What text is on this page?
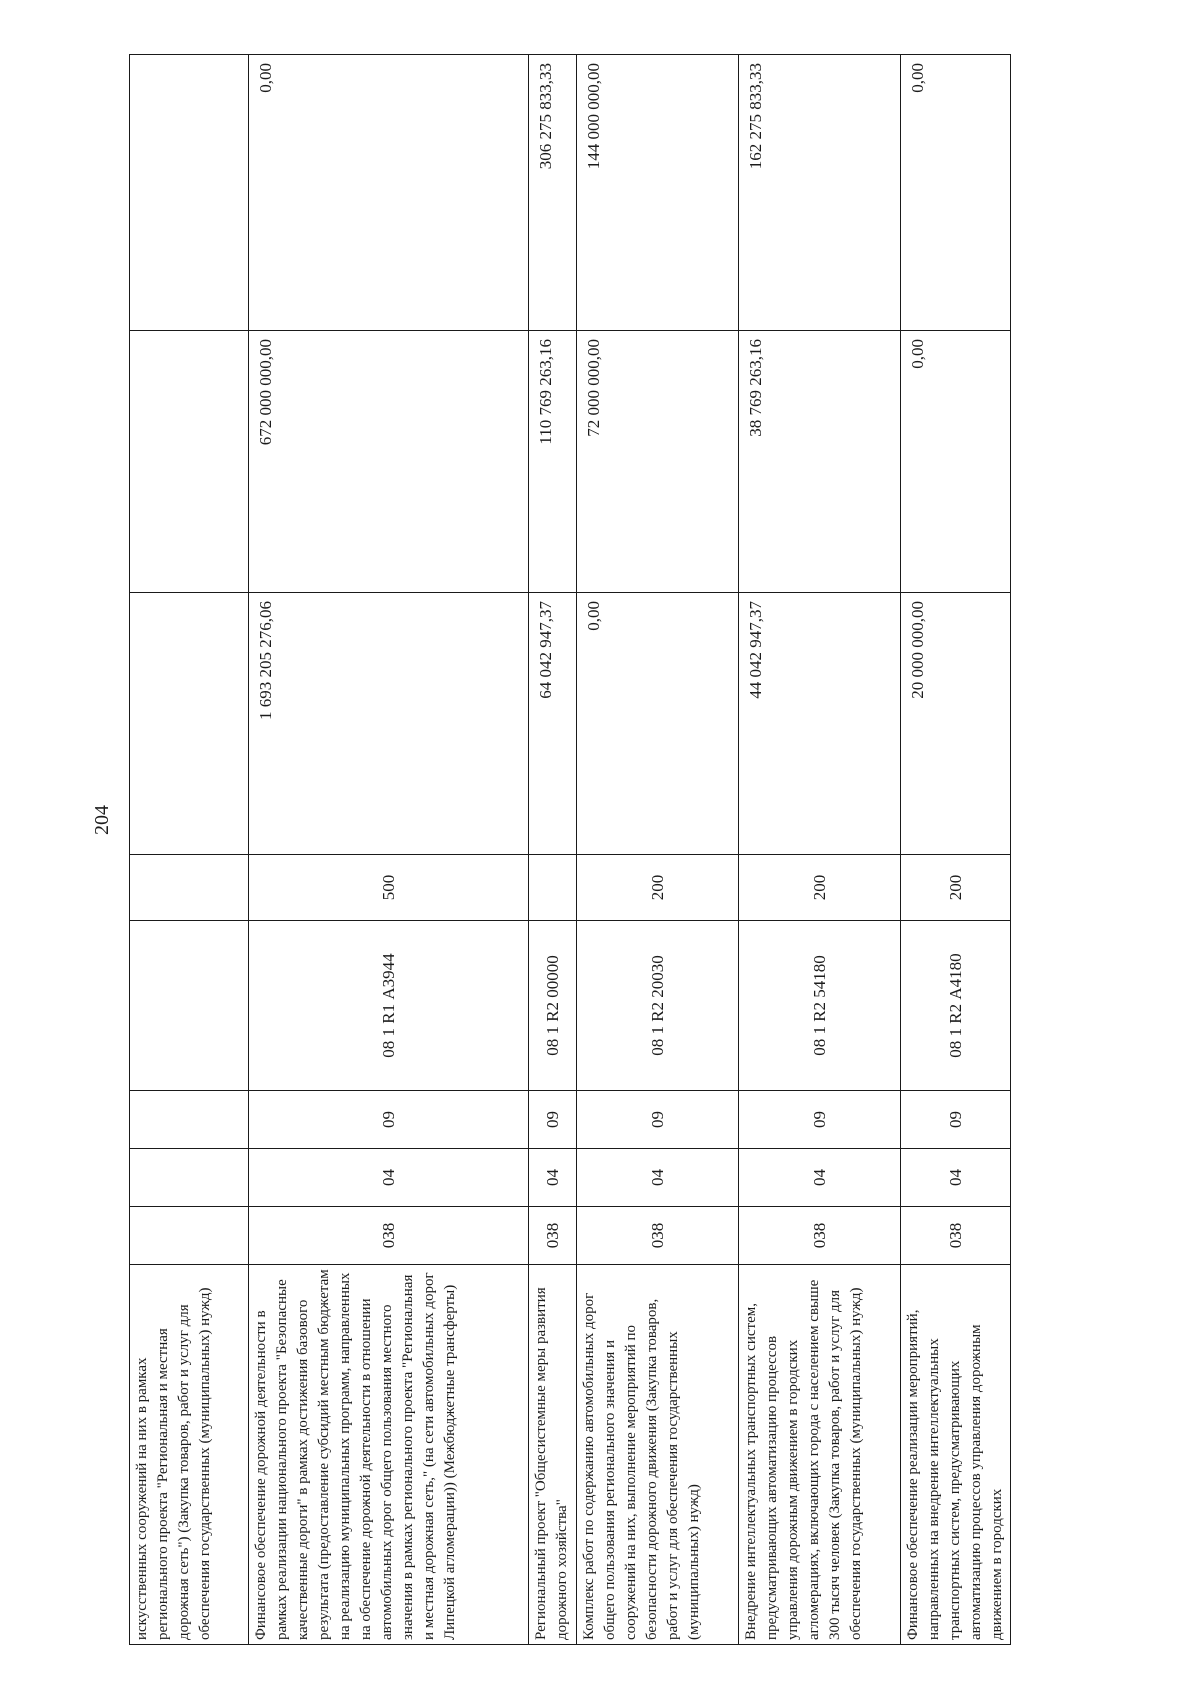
204
искусственных сооружений на них в рамках регионального проекта "Региональная и местная дорожная сеть") (Закупка товаров, работ и услуг для обеспечения государственных (муниципальных) нужд)								
Финансовое обеспечение дорожной деятельности в рамках реализации национального проекта "Безопасные качественные дороги" в рамках достижения базового результата (предоставление субсидий местным бюджетам на реализацию муниципальных программ, направленных на обеспечение дорожной деятельности в отношении автомобильных дорог общего пользования местного значения в рамках регионального проекта "Региональная и местная дорожная сеть," (на сети автомобильных дорог Липецкой агломерации)) (Межбюджетные трансферты)	038	04	09	08 1 R1 А3944	500	1 693 205 276,06	672 000 000,00	0,00
Региональный проект "Общесистемные меры развития дорожного хозяйства"	038	04	09	08 1 R2 00000		64 042 947,37	110 769 263,16	306 275 833,33
Комплекс работ по содержанию автомобильных дорог общего пользования регионального значения и сооружений на них, выполнение мероприятий по безопасности дорожного движения (Закупка товаров, работ и услуг для обеспечения государственных (муниципальных) нужд)	038	04	09	08 1 R2 20030	200	0,00	72 000 000,00	144 000 000,00
Внедрение интеллектуальных транспортных систем, предусматривающих автоматизацию процессов управления дорожным движением в городских агломерациях, включающих города с населением свыше 300 тысяч человек (Закупка товаров, работ и услуг для обеспечения государственных (муниципальных) нужд)	038	04	09	08 1 R2 54180	200	44 042 947,37	38 769 263,16	162 275 833,33
Финансовое обеспечение реализации мероприятий, направленных на внедрение интеллектуальных транспортных систем, предусматривающих автоматизацию процессов управления дорожным движением в городских	038	04	09	08 1 R2 А4180	200	20 000 000,00	0,00	0,00
